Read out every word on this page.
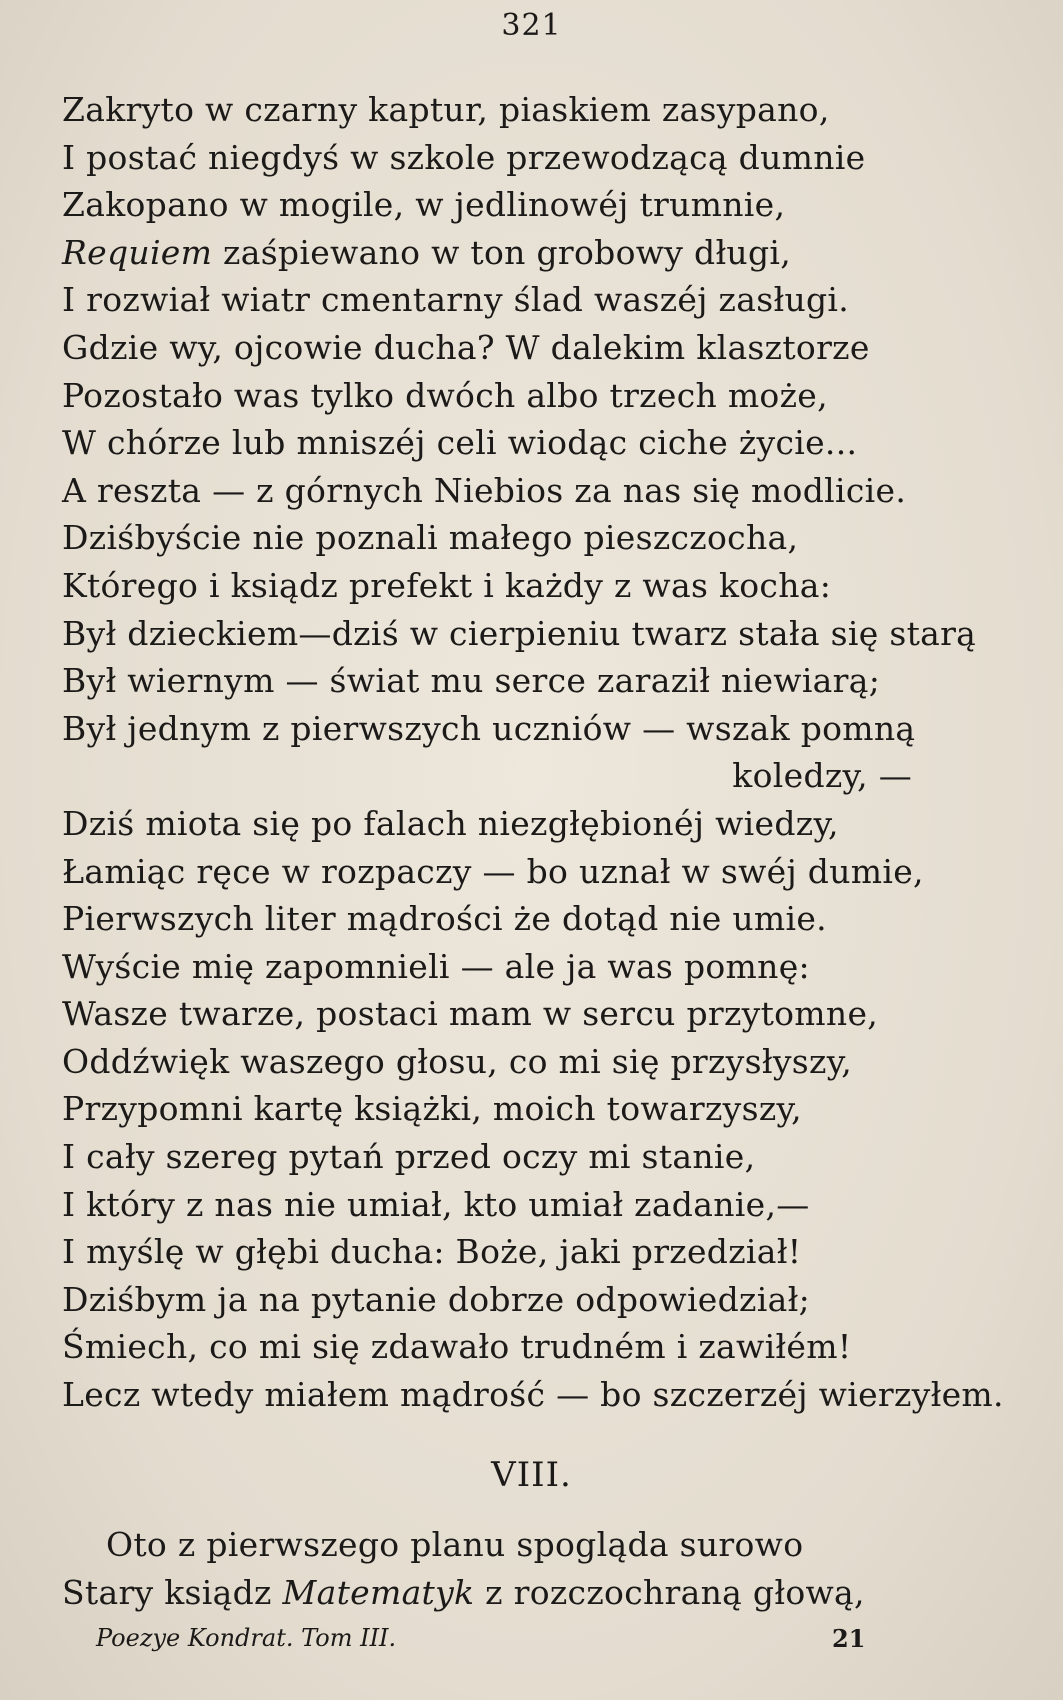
321
Zakryto w czarny kaptur, piaskiem zasypano,
I postać niegdyś w szkole przewodzącą dumnie
Zakopano w mogile, w jedlinowéj trumnie,
Requiem zaśpiewano w ton grobowy długi,
I rozwiał wiatr cmentarny ślad waszéj zasługi.
Gdzie wy, ojcowie ducha? W dalekim klasztorze
Pozostało was tylko dwóch albo trzech może,
W chórze lub mniszéj celi wiodąc ciche życie...
A reszta — z górnych Niebios za nas się modlicie.
Dziśbyście nie poznali małego pieszczocha,
Którego i ksiądz prefekt i każdy z was kocha:
Był dzieckiem—dziś w cierpieniu twarz stała się starą
Był wiernym — świat mu serce zaraził niewiarą;
Był jednym z pierwszych uczniów — wszak pomną
koledzy, —
Dziś miota się po falach niezgłębionéj wiedzy,
Łamiąc ręce w rozpaczy — bo uznał w swéj dumie,
Pierwszych liter mądrości że dotąd nie umie.
Wyście mię zapomnieli — ale ja was pomnę:
Wasze twarze, postaci mam w sercu przytomne,
Oddźwięk waszego głosu, co mi się przysłyszy,
Przypomni kartę książki, moich towarzyszy,
I cały szereg pytań przed oczy mi stanie,
I który z nas nie umiał, kto umiał zadanie,—
I myślę w głębi ducha: Boże, jaki przedział!
Dziśbym ja na pytanie dobrze odpowiedział;
Śmiech, co mi się zdawało trudném i zawiłém!
Lecz wtedy miałem mądrość — bo szczerzéj wierzyłem.
VIII.
Oto z pierwszego planu spogląda surowo
Stary ksiądz Matematyk z rozczochraną głową,
Poezye Kondrat. Tom III.	21
